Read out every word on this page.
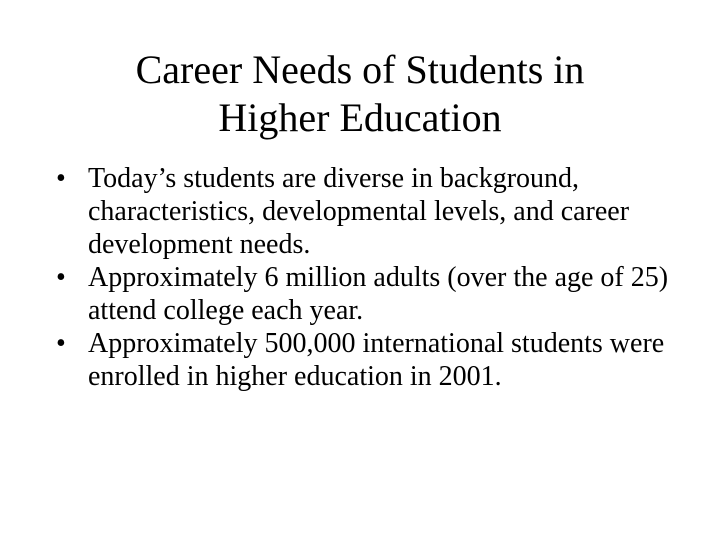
Career Needs of Students in
Higher Education
• Today’s students are diverse in background, characteristics, developmental levels, and career development needs.
• Approximately 6 million adults (over the age of 25) attend college each year.
• Approximately 500,000 international students were enrolled in higher education in 2001.
